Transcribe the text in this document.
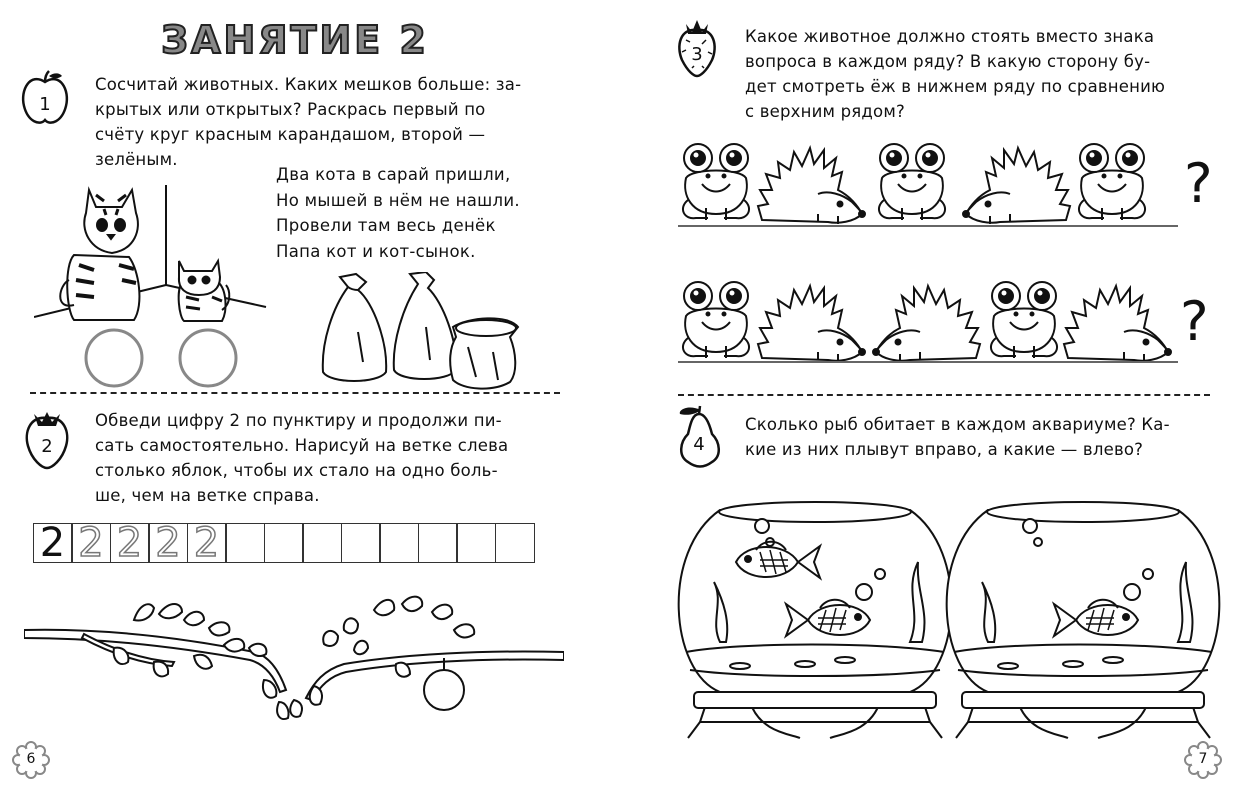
ЗАНЯТИЕ 2
1
Сосчитай животных. Каких мешков больше: за-
крытых или открытых? Раскрась первый по
счёту круг красным карандашом, второй —
зелёным.
Два кота в сарай пришли,
Но мышей в нём не нашли.
Провели там весь денёк
Папа кот и кот-сынок.
2
Обведи цифру 2 по пунктиру и продолжи пи-
сать самостоятельно. Нарисуй на ветке слева
столько яблок, чтобы их стало на одно боль-
ше, чем на ветке справа.
2 2 2 2 2
6
3
Какое животное должно стоять вместо знака
вопроса в каждом ряду? В какую сторону бу-
дет смотреть ёж в нижнем ряду по сравнению
с верхним рядом?
?
?
4
Сколько рыб обитает в каждом аквариуме? Ка-
кие из них плывут вправо, а какие — влево?
7
